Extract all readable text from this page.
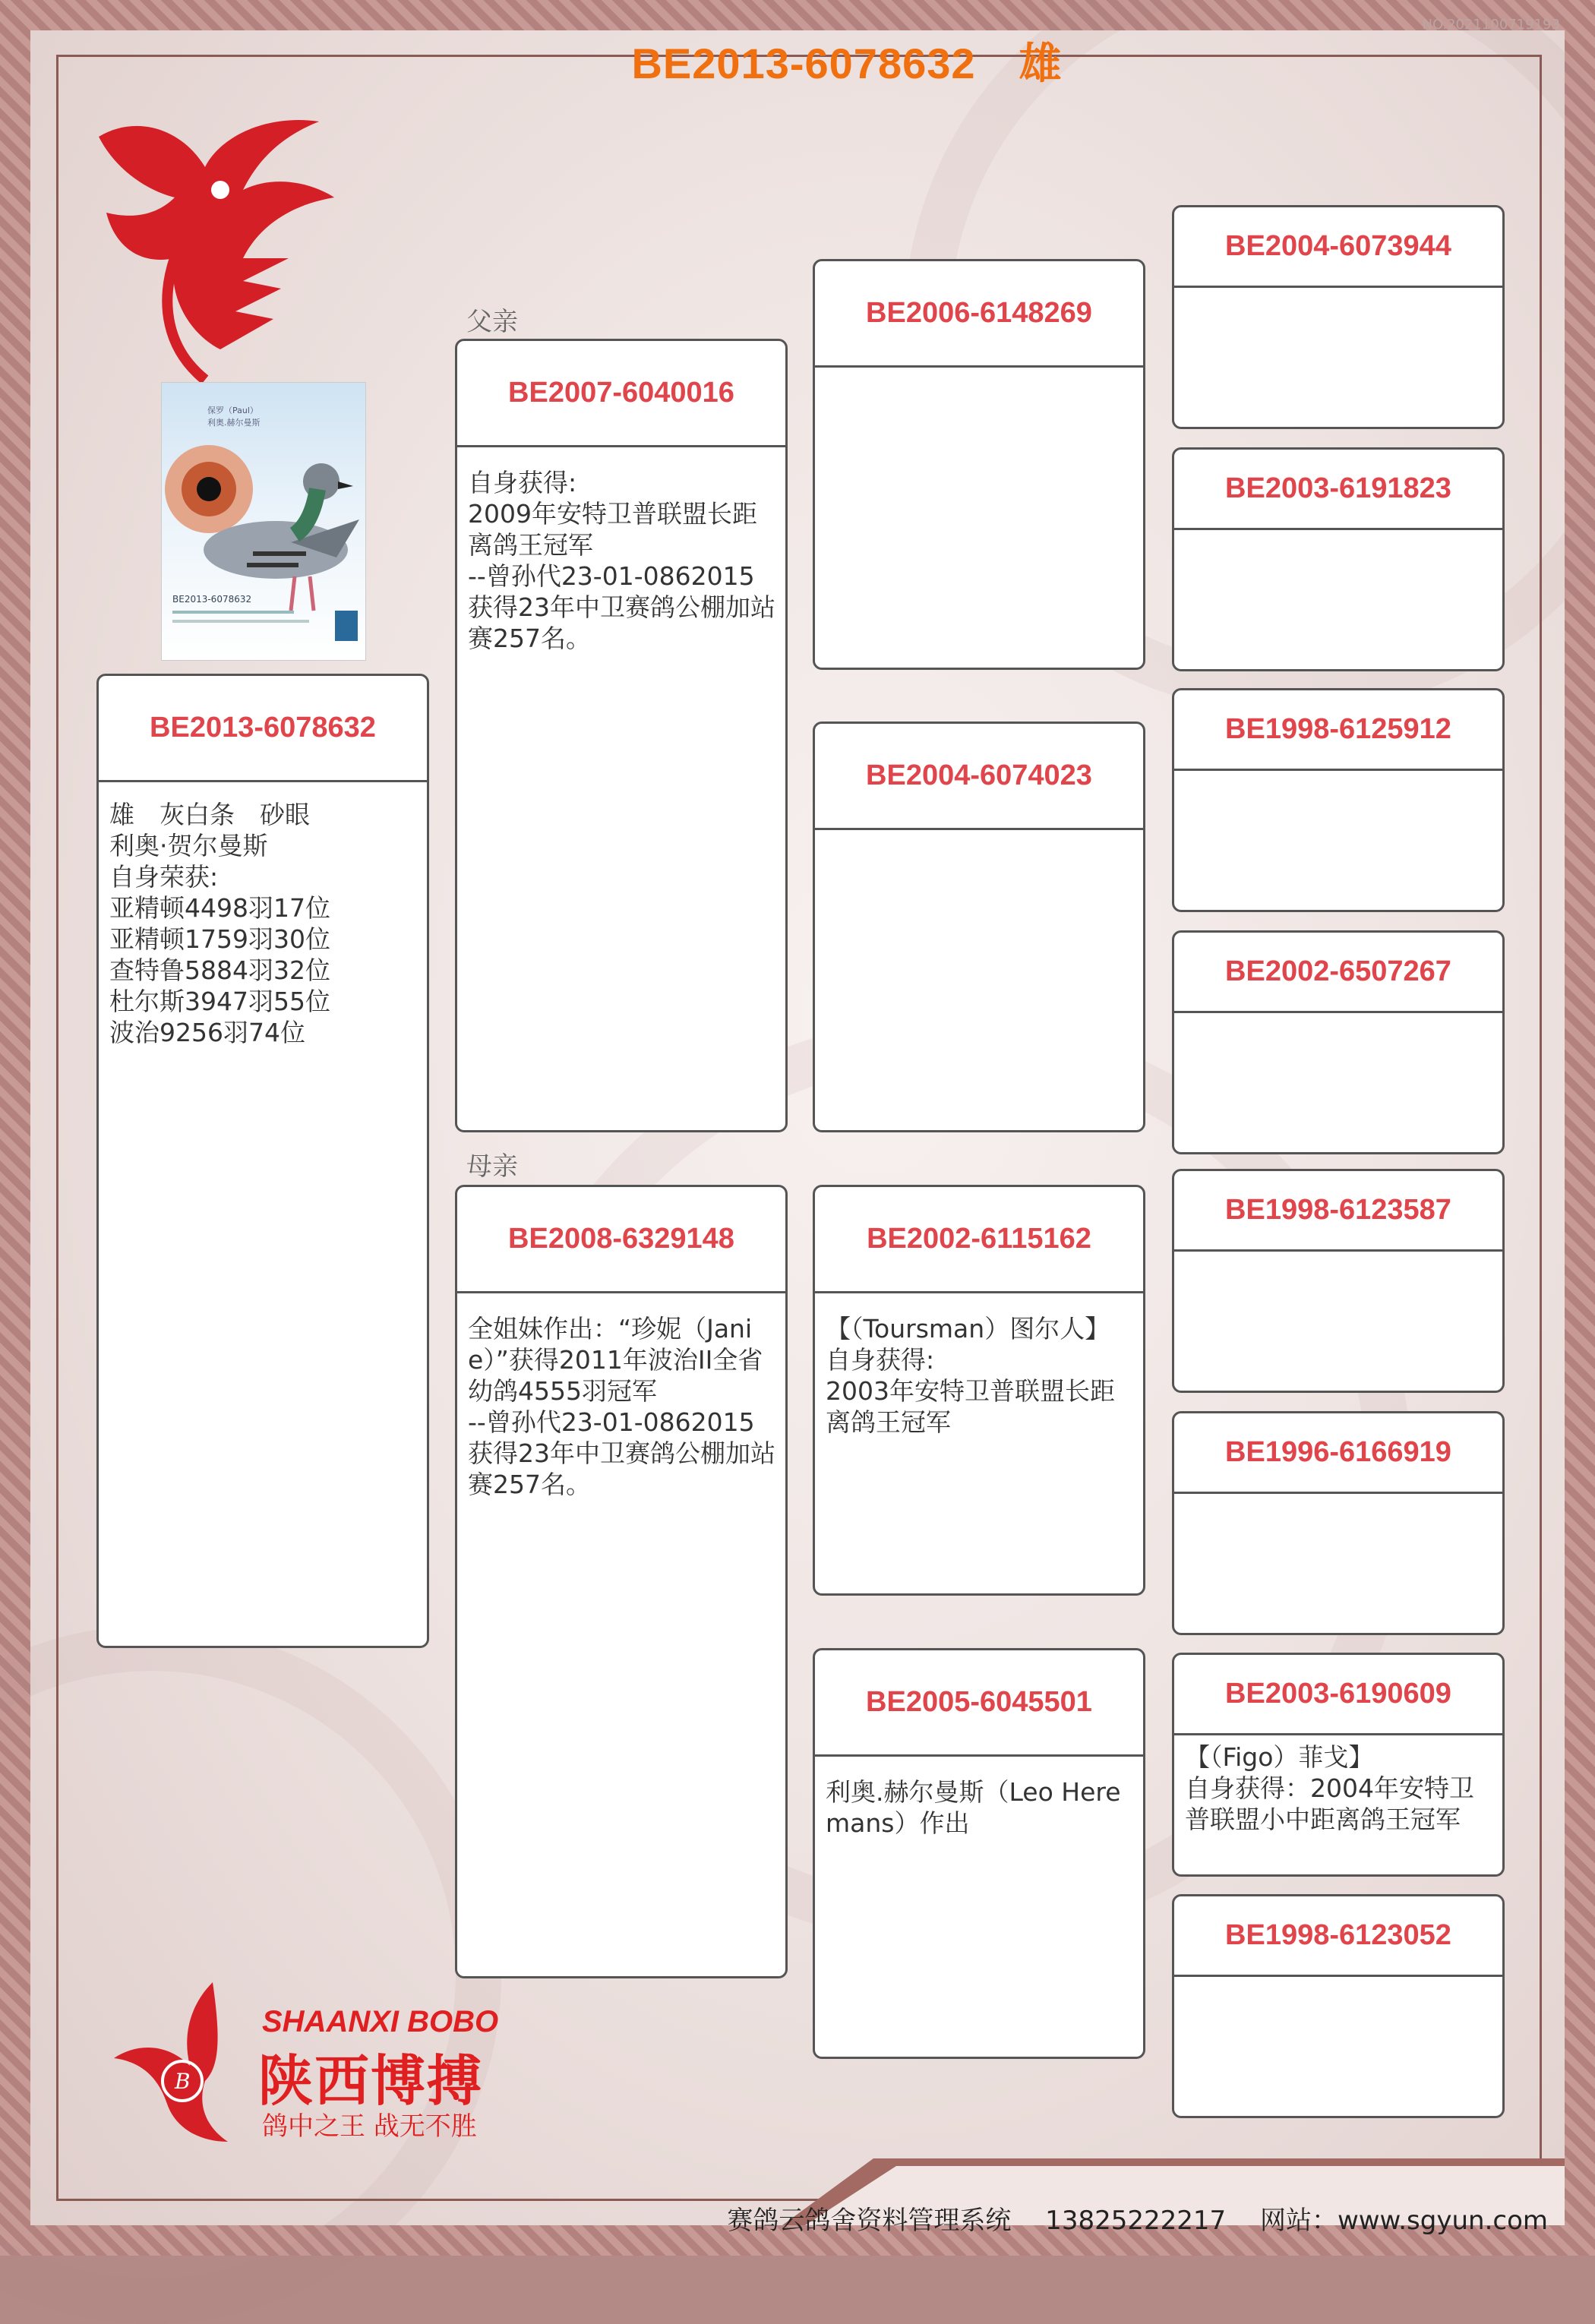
NO.2021100719193
BE2013-6078632　雄
保罗（Paul）
利奥.赫尔曼斯
BE2013-6078632
父亲
母亲
BE2013-6078632
雄　灰白条　砂眼
利奥·贺尔曼斯
自身荣获:
亚精顿4498羽17位
亚精顿1759羽30位
查特鲁5884羽32位
杜尔斯3947羽55位
波治9256羽74位
BE2007-6040016
自身获得:
2009年安特卫普联盟长距离鸽王冠军
--曾孙代23-01-0862015获得23年中卫赛鸽公棚加站赛257名。
BE2008-6329148
全姐妹作出：“珍妮（Janie）”获得2011年波治II全省幼鸽4555羽冠军
--曾孙代23-01-0862015获得23年中卫赛鸽公棚加站赛257名。
BE2006-6148269
BE2004-6074023
BE2002-6115162
【（Toursman）图尔人】
自身获得:
2003年安特卫普联盟长距离鸽王冠军
BE2005-6045501
利奥.赫尔曼斯（Leo Heremans）作出
BE2004-6073944
BE2003-6191823
BE1998-6125912
BE2002-6507267
BE1998-6123587
BE1996-6166919
BE2003-6190609
【（Figo）菲戈】
自身获得：2004年安特卫普联盟小中距离鸽王冠军
BE1998-6123052
B
SHAANXI BOBO
陕西博搏
鸽中之王 战无不胜
赛鸽云鸽舍资料管理系统　 13825222217　 网站：www.sgyun.com
